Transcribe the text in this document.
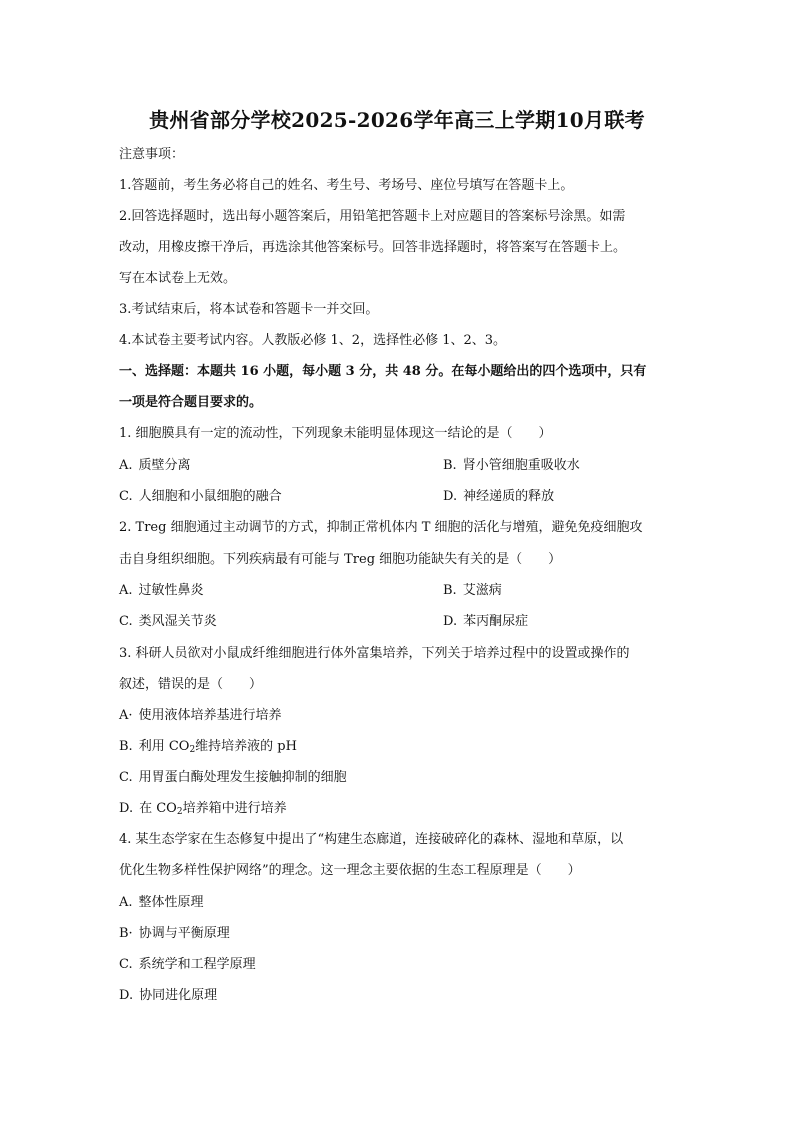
贵州省部分学校2025-2026学年高三上学期10月联考
注意事项：
1.答题前，考生务必将自己的姓名、考生号、考场号、座位号填写在答题卡上。
2.回答选择题时，选出每小题答案后，用铅笔把答题卡上对应题目的答案标号涂黑。如需
改动，用橡皮擦干净后，再选涂其他答案标号。回答非选择题时，将答案写在答题卡上。
写在本试卷上无效。
3.考试结束后，将本试卷和答题卡一并交回。
4.本试卷主要考试内容。人教版必修 1、2，选择性必修 1、2、3。
一、选择题：本题共 16 小题，每小题 3 分，共 48 分。在每小题给出的四个选项中，只有
一项是符合题目要求的。
1. 细胞膜具有一定的流动性，下列现象未能明显体现这一结论的是（　　）
A. 质壁分离	B. 肾小管细胞重吸收水
C. 人细胞和小鼠细胞的融合	D. 神经递质的释放
2. Treg 细胞通过主动调节的方式，抑制正常机体内 T 细胞的活化与增殖，避免免疫细胞攻
击自身组织细胞。下列疾病最有可能与 Treg 细胞功能缺失有关的是（　　）
A. 过敏性鼻炎	B. 艾滋病
C. 类风湿关节炎	D. 苯丙酮尿症
3. 科研人员欲对小鼠成纤维细胞进行体外富集培养，下列关于培养过程中的设置或操作的
叙述，错误的是（　　）
A· 使用液体培养基进行培养
B. 利用 $CO_2$维持培养液的 pH
C. 用胃蛋白酶处理发生接触抑制的细胞
D. 在 $CO_2$培养箱中进行培养
4. 某生态学家在生态修复中提出了“构建生态廊道，连接破碎化的森林、湿地和草原，以
优化生物多样性保护网络”的理念。这一理念主要依据的生态工程原理是（　　）
A. 整体性原理
B· 协调与平衡原理
C. 系统学和工程学原理
D. 协同进化原理
